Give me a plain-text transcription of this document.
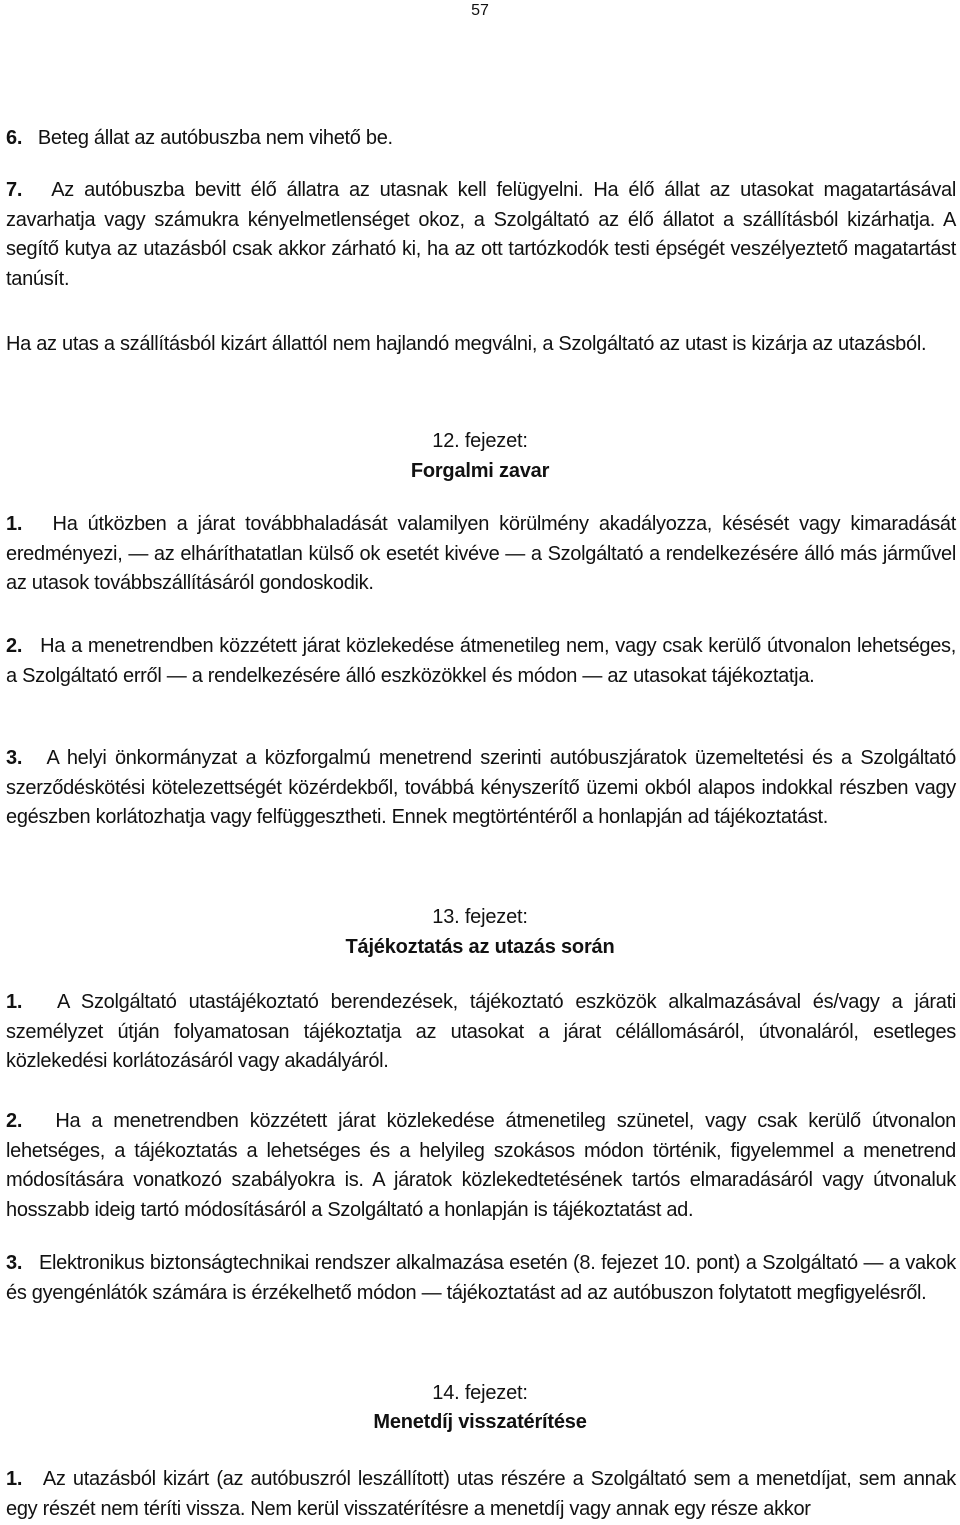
57
6. Beteg állat az autóbuszba nem vihető be.
7. Az autóbuszba bevitt élő állatra az utasnak kell felügyelni. Ha élő állat az utasokat magatartásával zavarhatja vagy számukra kényelmetlenséget okoz, a Szolgáltató az élő állatot a szállításból kizárhatja. A segítő kutya az utazásból csak akkor zárható ki, ha az ott tartózkodók testi épségét veszélyeztető magatartást tanúsít.
Ha az utas a szállításból kizárt állattól nem hajlandó megválni, a Szolgáltató az utast is kizárja az utazásból.
12. fejezet:
Forgalmi zavar
1. Ha útközben a járat továbbhaladását valamilyen körülmény akadályozza, késését vagy kimaradását eredményezi, — az elháríthatatlan külső ok esetét kivéve — a Szolgáltató a rendelkezésére álló más járművel az utasok továbbszállításáról gondoskodik.
2. Ha a menetrendben közzétett járat közlekedése átmenetileg nem, vagy csak kerülő útvonalon lehetséges, a Szolgáltató erről — a rendelkezésére álló eszközökkel és módon — az utasokat tájékoztatja.
3. A helyi önkormányzat a közforgalmú menetrend szerinti autóbuszjáratok üzemeltetési és a Szolgáltató szerződéskötési kötelezettségét közérdekből, továbbá kényszerítő üzemi okból alapos indokkal részben vagy egészben korlátozhatja vagy felfüggesztheti. Ennek megtörténtéről a honlapján ad tájékoztatást.
13. fejezet:
Tájékoztatás az utazás során
1. A Szolgáltató utastájékoztató berendezések, tájékoztató eszközök alkalmazásával és/vagy a járati személyzet útján folyamatosan tájékoztatja az utasokat a járat célállomásáról, útvonaláról, esetleges közlekedési korlátozásáról vagy akadályáról.
2. Ha a menetrendben közzétett járat közlekedése átmenetileg szünetel, vagy csak kerülő útvonalon lehetséges, a tájékoztatás a lehetséges és a helyileg szokásos módon történik, figyelemmel a menetrend módosítására vonatkozó szabályokra is. A járatok közlekedtetésének tartós elmaradásáról vagy útvonaluk hosszabb ideig tartó módosításáról a Szolgáltató a honlapján is tájékoztatást ad.
3. Elektronikus biztonságtechnikai rendszer alkalmazása esetén (8. fejezet 10. pont) a Szolgáltató — a vakok és gyengénlátók számára is érzékelhető módon — tájékoztatást ad az autóbuszon folytatott megfigyelésről.
14. fejezet:
Menetdíj visszatérítése
1. Az utazásból kizárt (az autóbuszról leszállított) utas részére a Szolgáltató sem a menetdíjat, sem annak egy részét nem téríti vissza. Nem kerül visszatérítésre a menetdíj vagy annak egy része akkor
